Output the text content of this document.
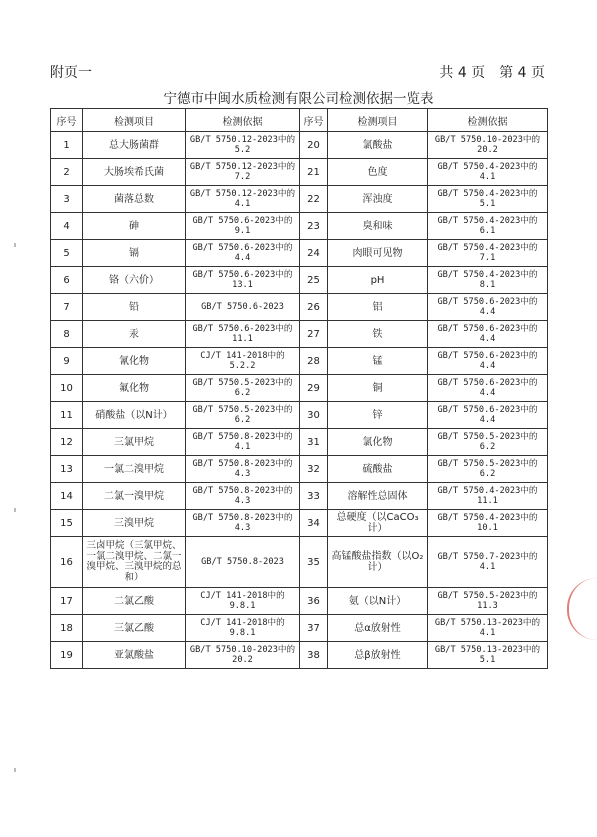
附页一	共 4 页　第 4 页
宁德市中闽水质检测有限公司检测依据一览表
序号	检测项目	检测依据	序号	检测项目	检测依据
1	总大肠菌群	GB/T 5750.12-2023中的5.2	20	氯酸盐	GB/T 5750.10-2023中的20.2
2	大肠埃希氏菌	GB/T 5750.12-2023中的7.2	21	色度	GB/T 5750.4-2023中的4.1
3	菌落总数	GB/T 5750.12-2023中的4.1	22	浑浊度	GB/T 5750.4-2023中的5.1
4	砷	GB/T 5750.6-2023中的9.1	23	臭和味	GB/T 5750.4-2023中的6.1
5	镉	GB/T 5750.6-2023中的4.4	24	肉眼可见物	GB/T 5750.4-2023中的7.1
6	铬（六价）	GB/T 5750.6-2023中的13.1	25	pH	GB/T 5750.4-2023中的8.1
7	铅	GB/T 5750.6-2023	26	铝	GB/T 5750.6-2023中的4.4
8	汞	GB/T 5750.6-2023中的11.1	27	铁	GB/T 5750.6-2023中的4.4
9	氰化物	CJ/T 141-2018中的5.2.2	28	锰	GB/T 5750.6-2023中的4.4
10	氟化物	GB/T 5750.5-2023中的6.2	29	铜	GB/T 5750.6-2023中的4.4
11	硝酸盐（以N计）	GB/T 5750.5-2023中的6.2	30	锌	GB/T 5750.6-2023中的4.4
12	三氯甲烷	GB/T 5750.8-2023中的4.1	31	氯化物	GB/T 5750.5-2023中的6.2
13	一氯二溴甲烷	GB/T 5750.8-2023中的4.3	32	硫酸盐	GB/T 5750.5-2023中的6.2
14	二氯一溴甲烷	GB/T 5750.8-2023中的4.3	33	溶解性总固体	GB/T 5750.4-2023中的11.1
15	三溴甲烷	GB/T 5750.8-2023中的4.3	34	总硬度（以CaCO₃计）	GB/T 5750.4-2023中的10.1
16	三卤甲烷（三氯甲烷、一氯二溴甲烷、二氯一溴甲烷、三溴甲烷的总和）	GB/T 5750.8-2023	35	高锰酸盐指数（以O₂计）	GB/T 5750.7-2023中的4.1
17	二氯乙酸	CJ/T 141-2018中的9.8.1	36	氨（以N计）	GB/T 5750.5-2023中的11.3
18	三氯乙酸	CJ/T 141-2018中的9.8.1	37	总α放射性	GB/T 5750.13-2023中的4.1
19	亚氯酸盐	GB/T 5750.10-2023中的20.2	38	总β放射性	GB/T 5750.13-2023中的5.1
